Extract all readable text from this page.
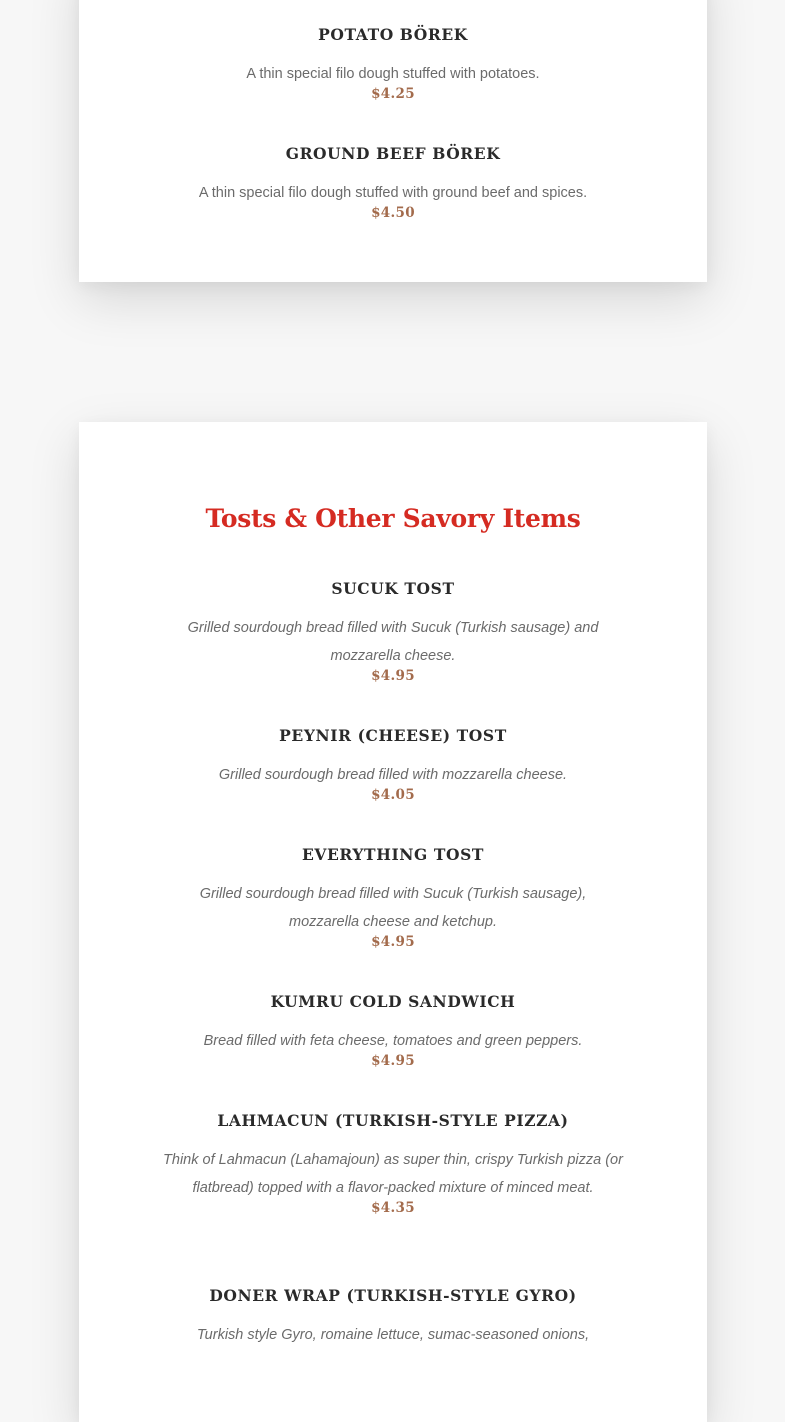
POTATO BÖREK

A thin special filo dough stuffed with potatoes.

$4.25
GROUND BEEF BÖREK

A thin special filo dough stuffed with ground beef and spices.

$4.50
Tosts & Other Savory Items
SUCUK TOST

Grilled sourdough bread filled with Sucuk (Turkish sausage) and mozzarella cheese.

$4.95
PEYNIR (CHEESE) TOST

Grilled sourdough bread filled with mozzarella cheese.

$4.05
EVERYTHING TOST

Grilled sourdough bread filled with Sucuk (Turkish sausage), mozzarella cheese and ketchup.

$4.95
KUMRU COLD SANDWICH

Bread filled with feta cheese, tomatoes and green peppers.

$4.95
LAHMACUN (TURKISH-STYLE PIZZA)

Think of Lahmacun (Lahamajoun) as super thin, crispy Turkish pizza (or flatbread) topped with a flavor-packed mixture of minced meat.

$4.35
DONER WRAP (TURKISH-STYLE GYRO)

Turkish style Gyro, romaine lettuce, sumac-seasoned onions,
